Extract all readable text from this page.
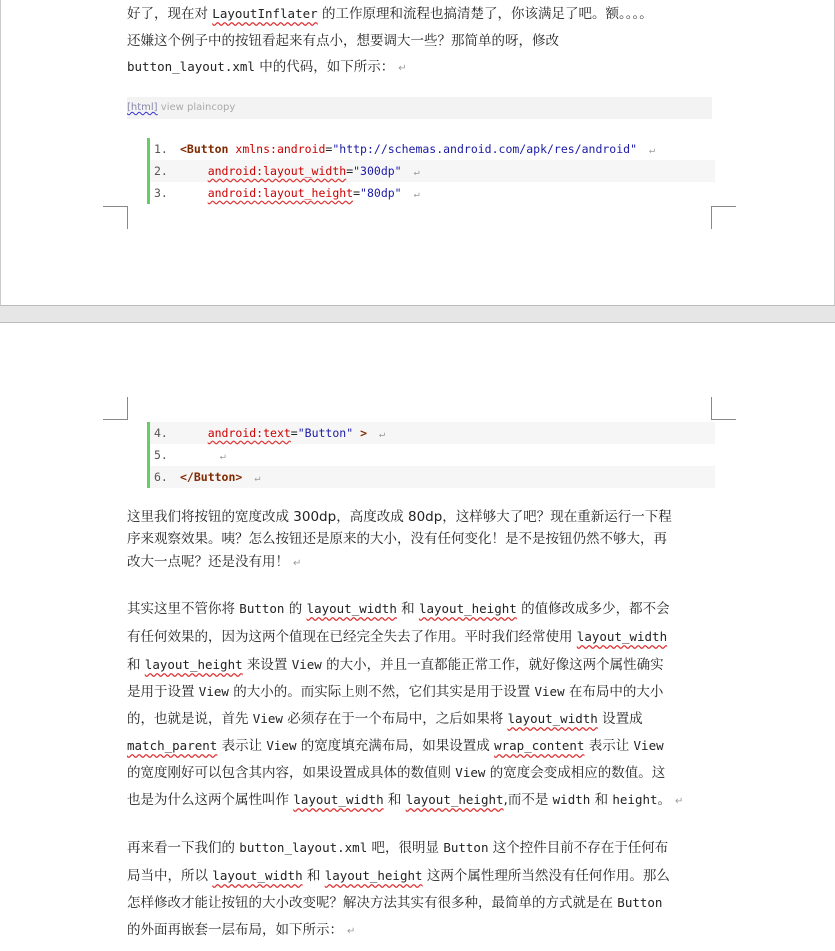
[html] view plaincopy
好了，现在对 LayoutInflater 的工作原理和流程也搞清楚了，你该满足了吧。额。。。。
还嫌这个例子中的按钮看起来有点小，想要调大一些？那简单的呀，修改
button_layout.xml 中的代码，如下所示： ↵
这里我们将按钮的宽度改成 300dp，高度改成 80dp，这样够大了吧？现在重新运行一下程
序来观察效果。咦？怎么按钮还是原来的大小，没有任何变化！是不是按钮仍然不够大，再
改大一点呢？还是没有用！ ↵
其实这里不管你将 Button 的 layout_width 和 layout_height 的值修改成多少，都不会
有任何效果的，因为这两个值现在已经完全失去了作用。平时我们经常使用 layout_width
和 layout_height 来设置 View 的大小，并且一直都能正常工作，就好像这两个属性确实
是用于设置 View 的大小的。而实际上则不然，它们其实是用于设置 View 在布局中的大小
的，也就是说，首先 View 必须存在于一个布局中，之后如果将 layout_width 设置成
match_parent 表示让 View 的宽度填充满布局，如果设置成 wrap_content 表示让 View
的宽度刚好可以包含其内容，如果设置成具体的数值则 View 的宽度会变成相应的数值。这
也是为什么这两个属性叫作 layout_width 和 layout_height,而不是 width 和 height。 ↵
再来看一下我们的 button_layout.xml 吧，很明显 Button 这个控件目前不存在于任何布
局当中，所以 layout_width 和 layout_height 这两个属性理所当然没有任何作用。那么
怎样修改才能让按钮的大小改变呢？解决方法其实有很多种，最简单的方式就是在 Button
的外面再嵌套一层布局，如下所示： ↵
1. <Button xmlns:android="http://schemas.android.com/apk/res/android" ↵
2.	android:layout_width="300dp" ↵
3.	android:layout_height="80dp" ↵
4.	android:text="Button" > ↵
5.	↵
6. </Button> ↵
